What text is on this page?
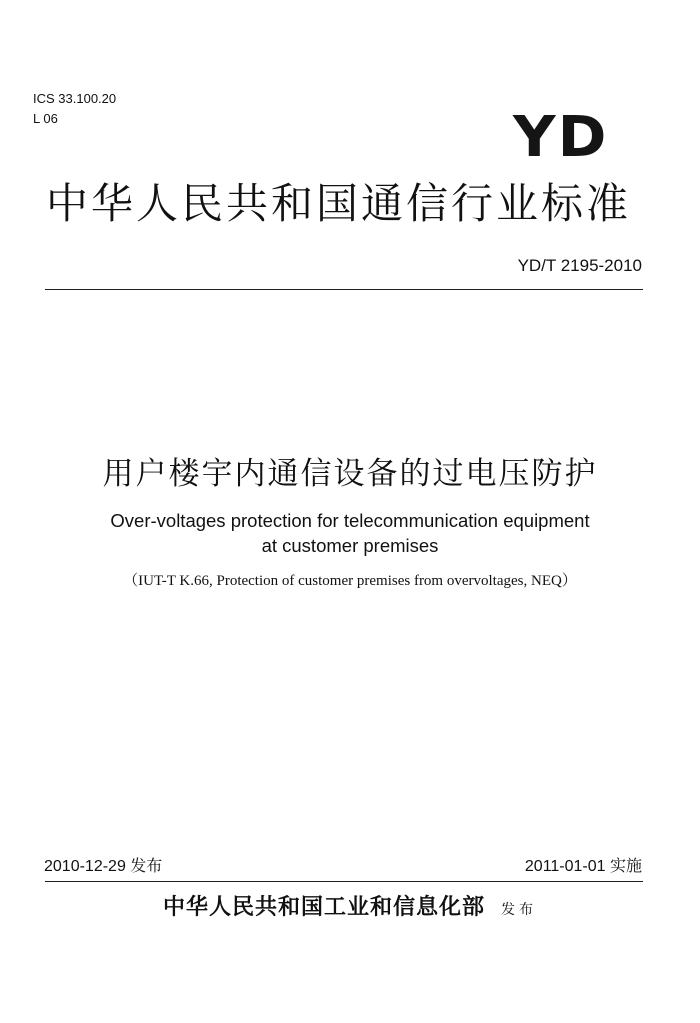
ICS 33.100.20
L 06	YD
中华人民共和国通信行业标准
YD/T 2195-2010
用户楼宇内通信设备的过电压防护
Over-voltages protection for telecommunication equipment
at customer premises
（IUT-T K.66, Protection of customer premises from overvoltages, NEQ）
2010-12-29 发布	2011-01-01 实施
中华人民共和国工业和信息化部 发布
